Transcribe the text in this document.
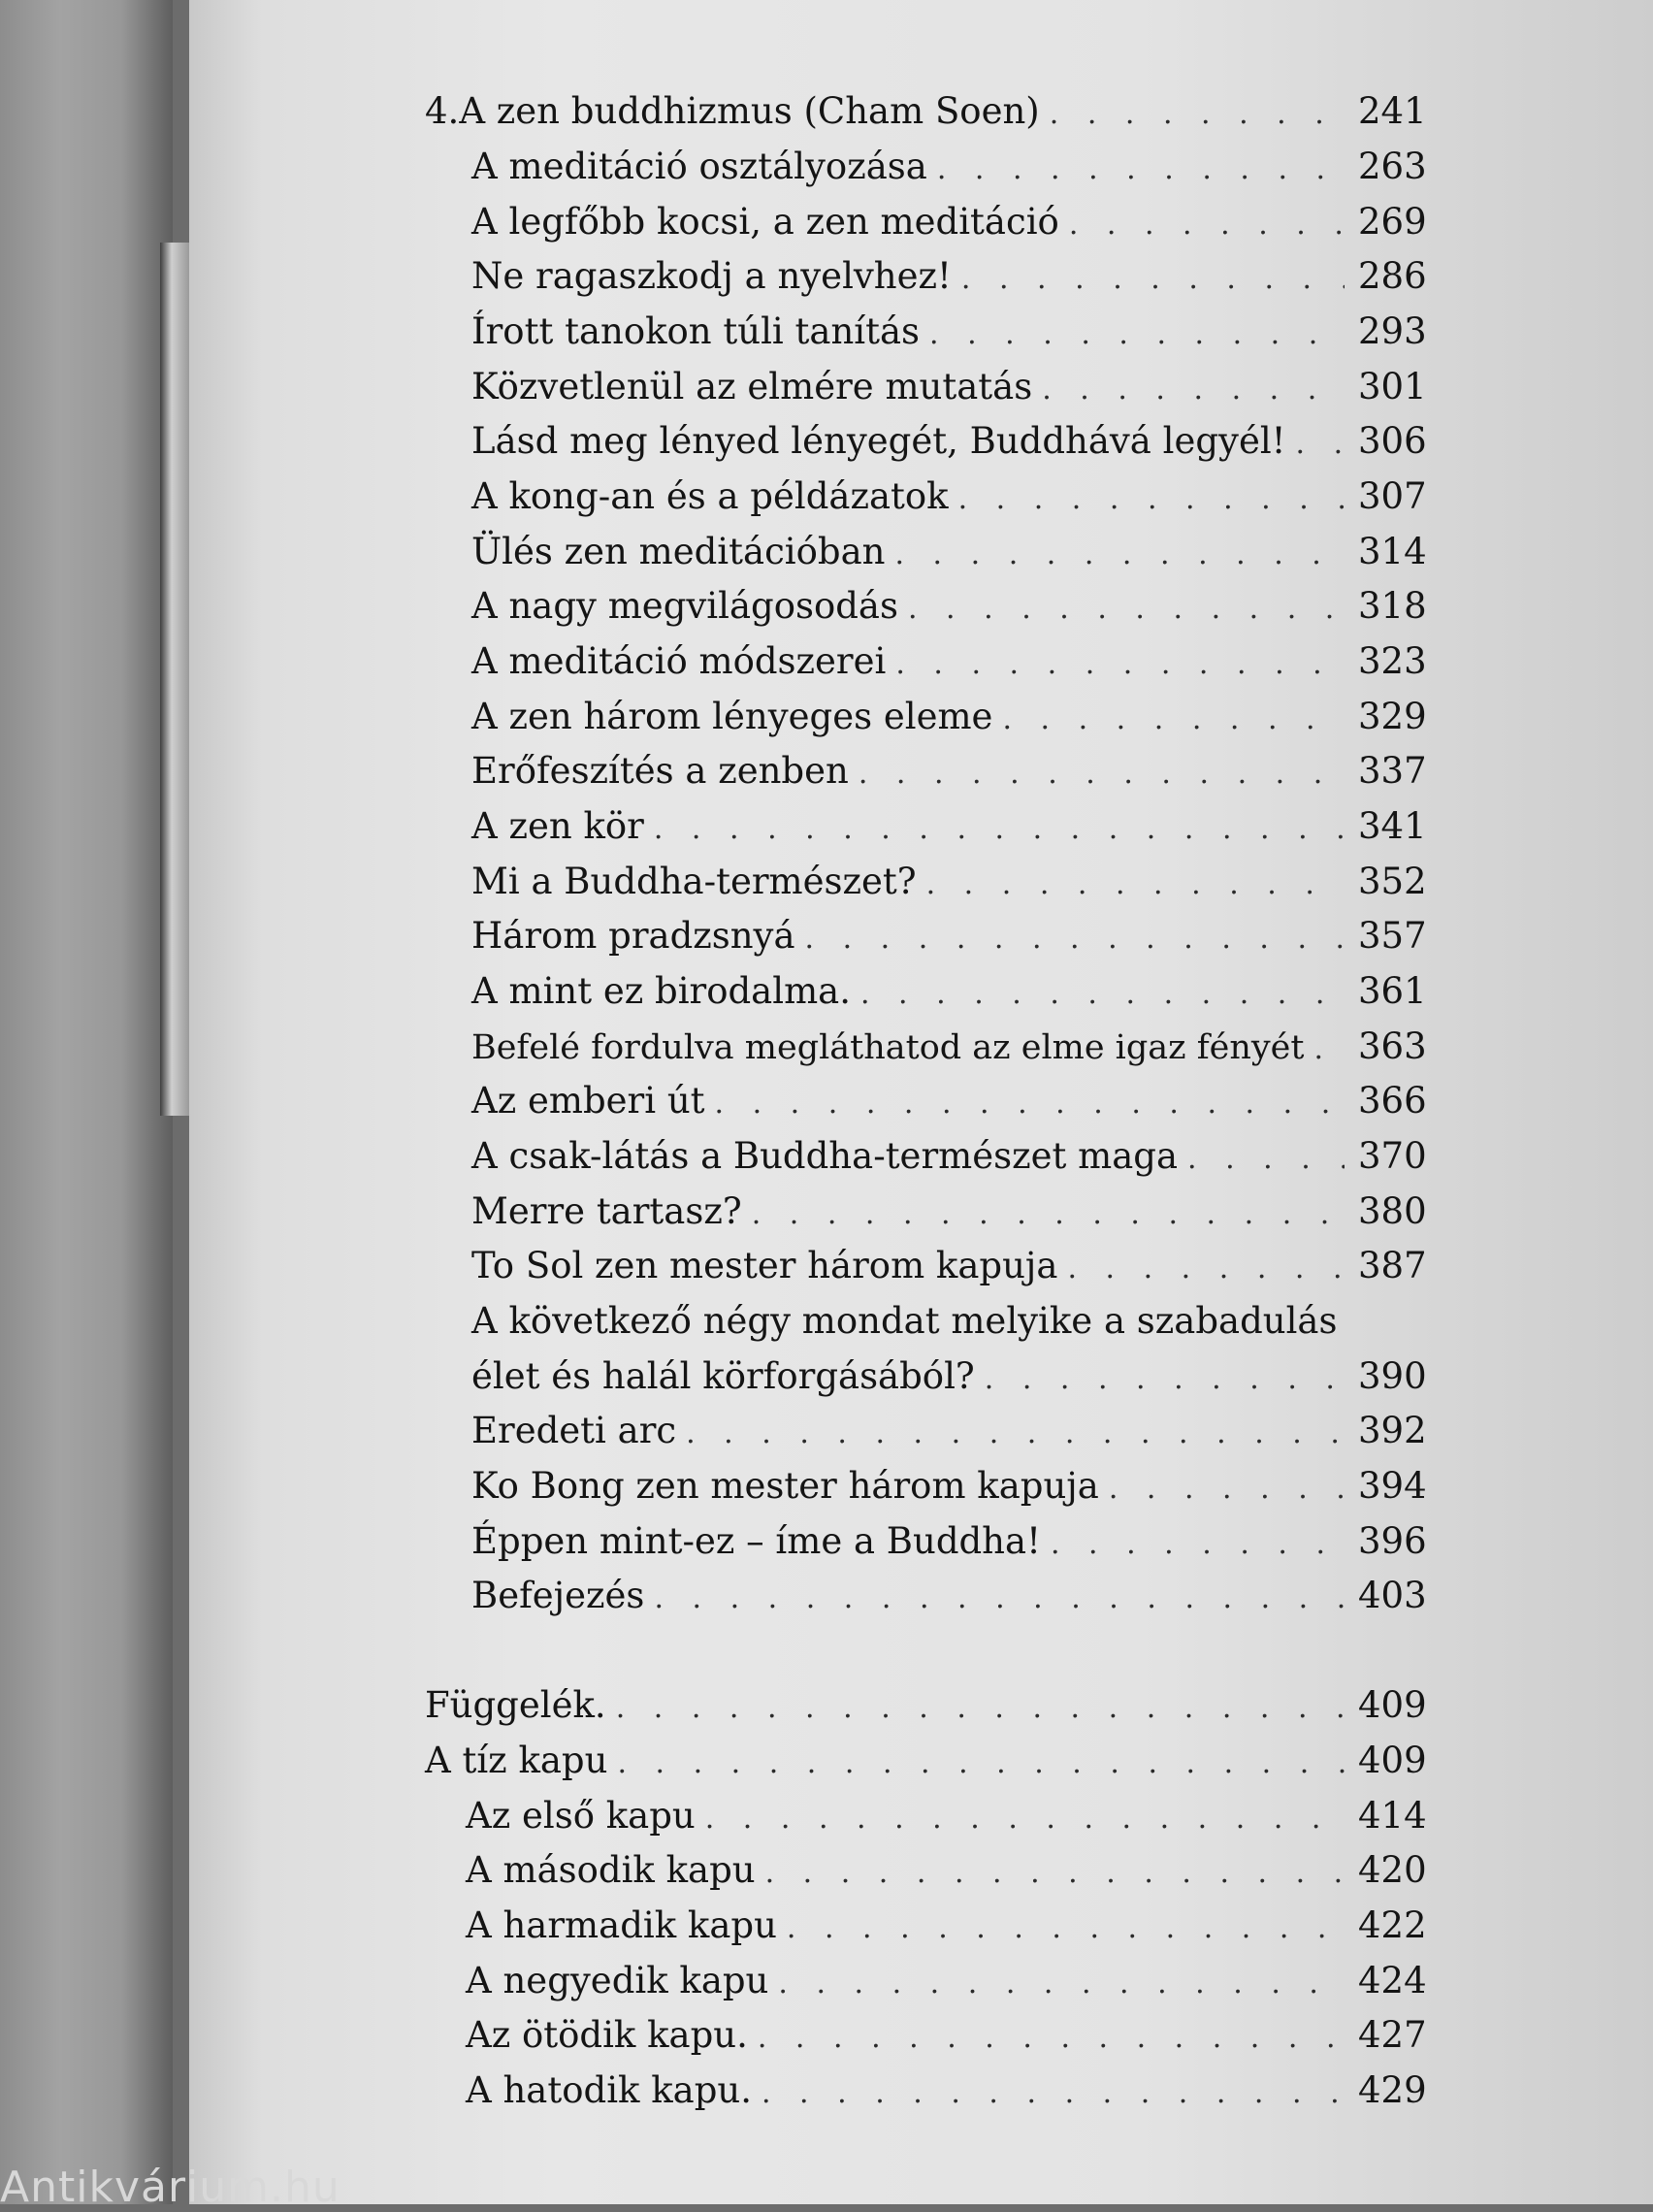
4. A zen buddhizmus (Cham Soen) . . .	241
A meditáció osztályozása . . .	263
A legfőbb kocsi, a zen meditáció . . .	269
Ne ragaszkodj a nyelvhez! . . .	286
Írott tanokon túli tanítás . . .	293
Közvetlenül az elmére mutatás . . .	301
Lásd meg lényed lényegét, Buddhává legyél! . . . 306
A kong-an és a példázatok . . .	307
Ülés zen meditációban . . .	314
A nagy megvilágosodás . . .	318
A meditáció módszerei . . .	323
A zen három lényeges eleme . . .	329
Erőfeszítés a zenben . . .	337
A zen kör . . .	341
Mi a Buddha-természet? . . .	352
Három pradzsnyá . . .	357
A mint ez birodalma. . . .	361
Befelé fordulva megláthatod az elme igaz fényét . . . 363
Az emberi út . . .	366
A csak-látás a Buddha-természet maga . . .	370
Merre tartasz? . . .	380
To Sol zen mester három kapuja . . .	387
A következő négy mondat melyike a szabadulás
élet és halál körforgásából? . . .	390
Eredeti arc . . .	392
Ko Bong zen mester három kapuja . . .	394
Éppen mint-ez – íme a Buddha! . . .	396
Befejezés . . .	403
Függelék. . . .	409
A tíz kapu . . .	409
Az első kapu . . .	414
A második kapu . . .	420
A harmadik kapu . . .	422
A negyedik kapu . . .	424
Az ötödik kapu. . . .	427
A hatodik kapu. . . .	429
Antikvárium.hu
